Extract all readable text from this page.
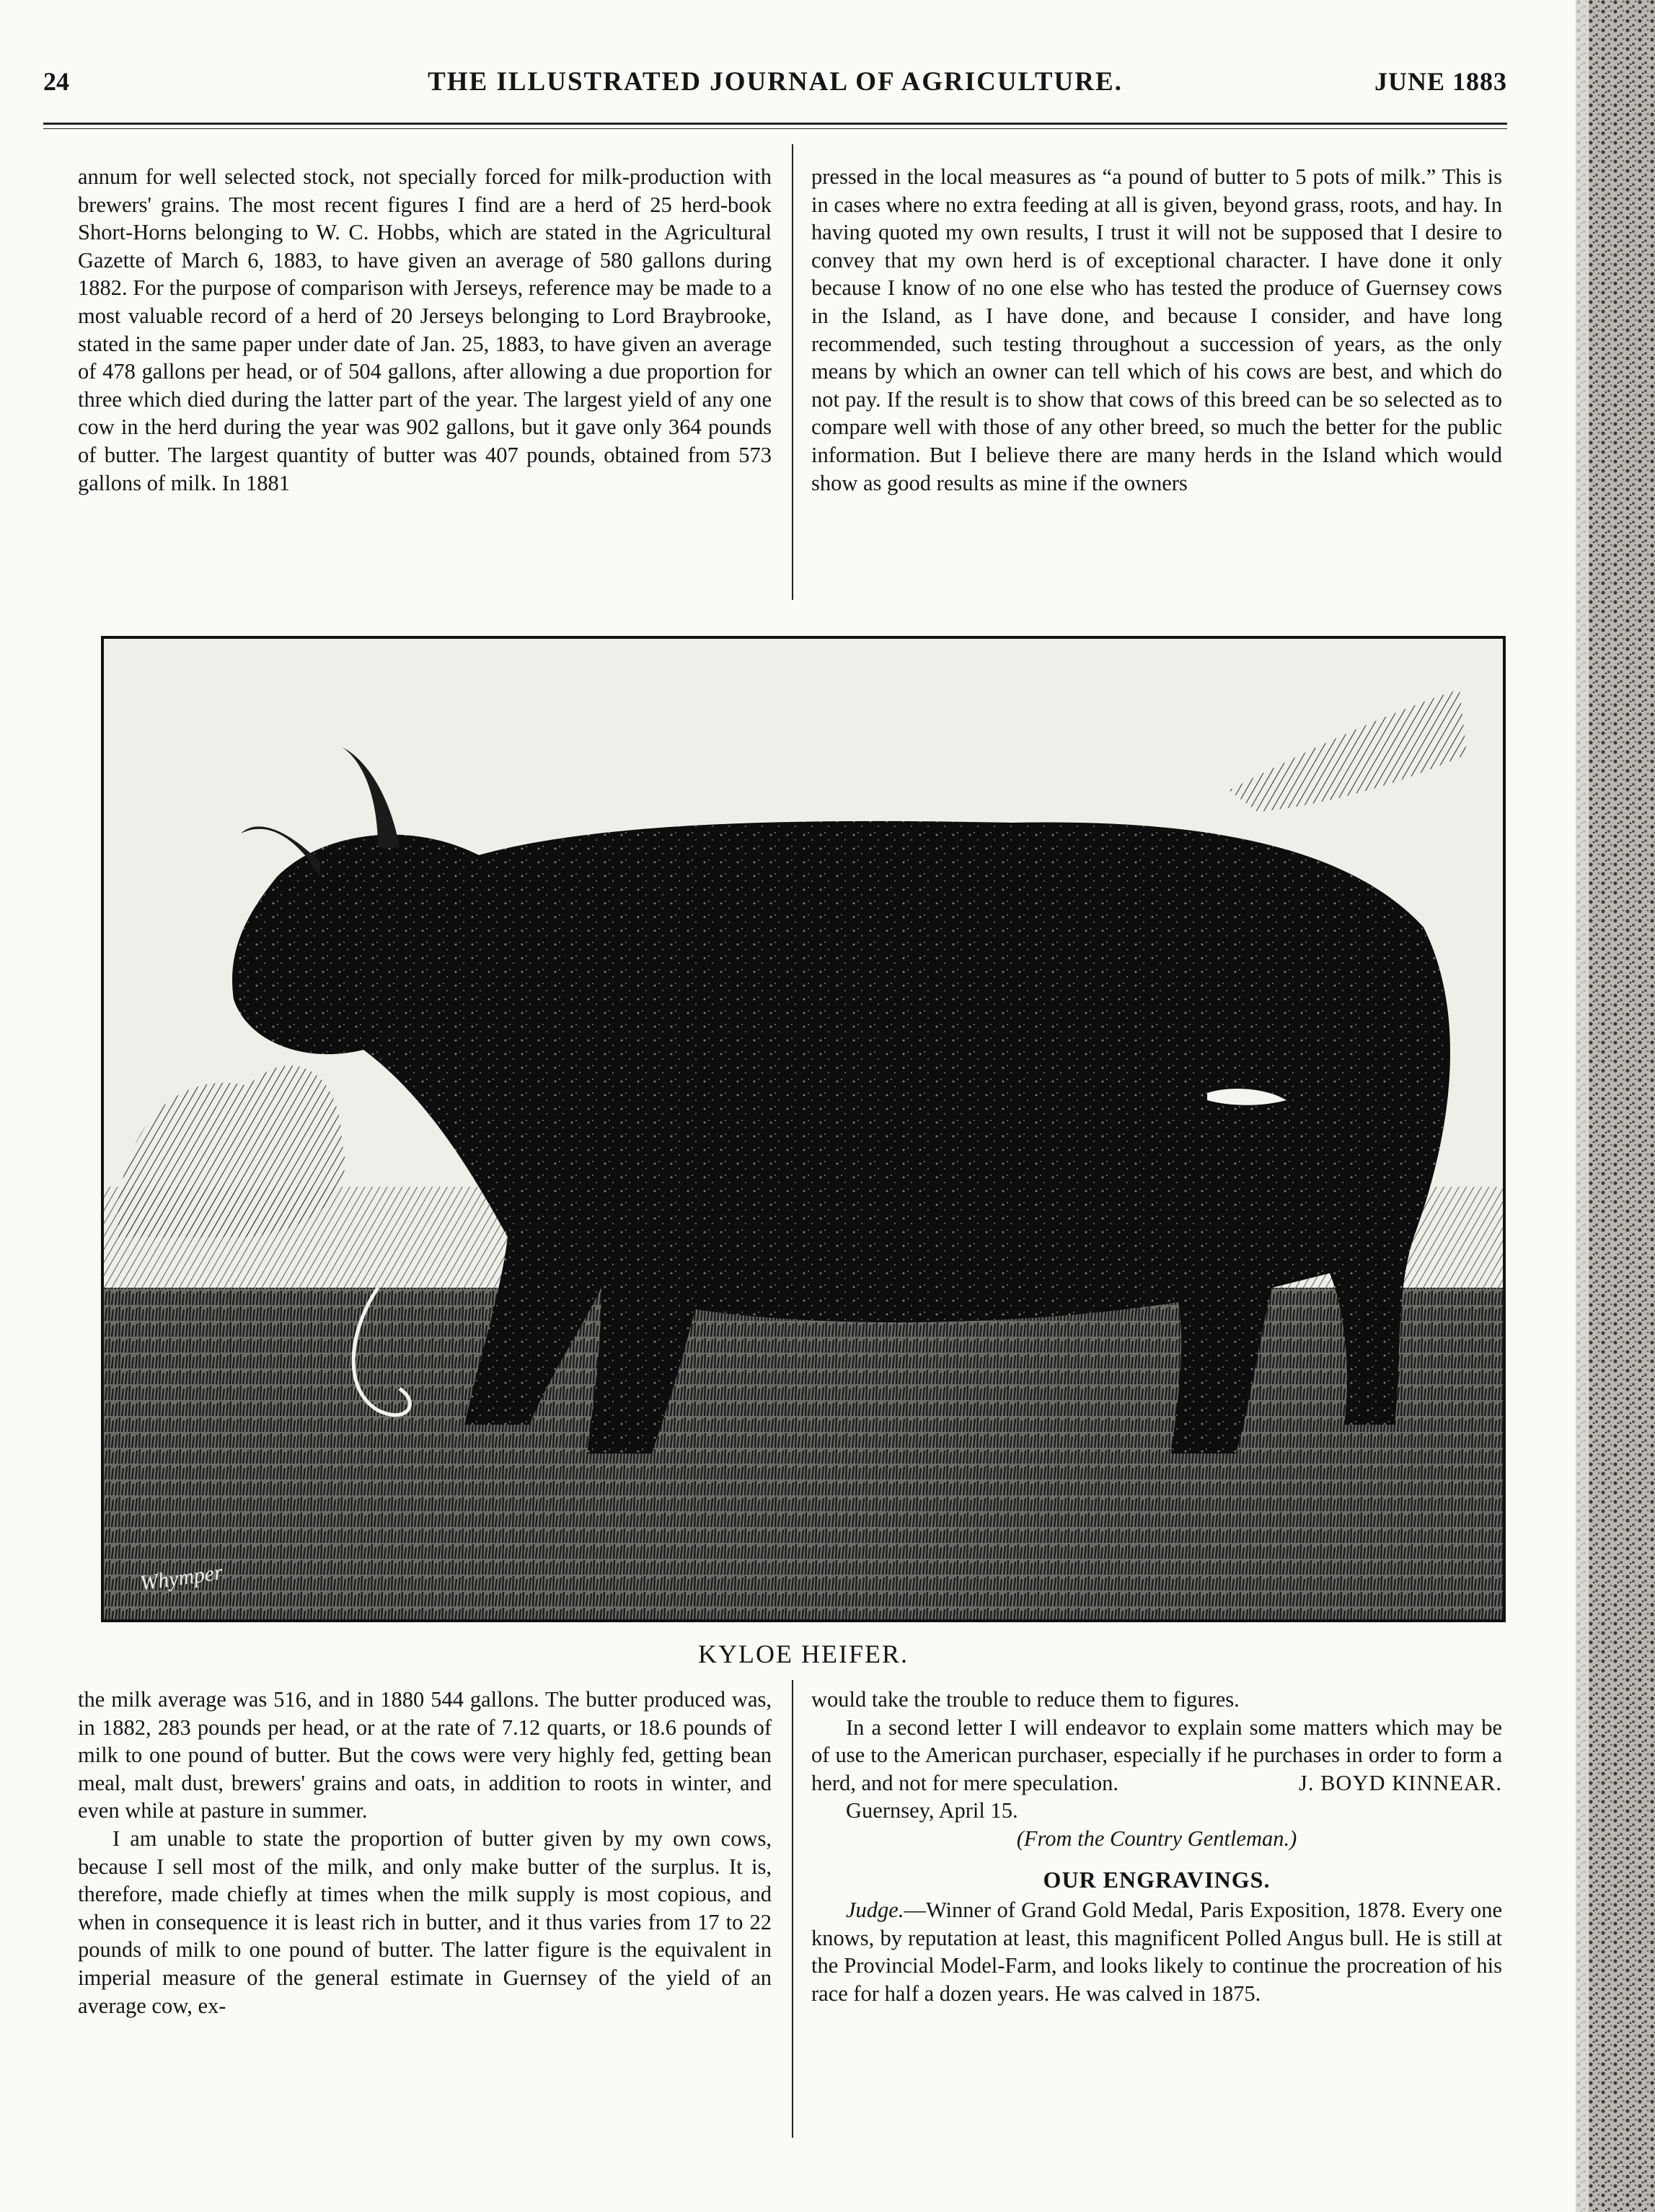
24	THE ILLUSTRATED JOURNAL OF AGRICULTURE.	JUNE 1883

annum for well selected stock, not specially forced for milk-production with brewers' grains. The most recent figures I find are a herd of 25 herd-book Short-Horns belonging to W. C. Hobbs, which are stated in the Agricultural Gazette of March 6, 1883, to have given an average of 580 gallons during 1882. For the purpose of comparison with Jerseys, reference may be made to a most valuable record of a herd of 20 Jerseys belonging to Lord Braybrooke, stated in the same paper under date of Jan. 25, 1883, to have given an average of 478 gallons per head, or of 504 gallons, after allowing a due proportion for three which died during the latter part of the year. The largest yield of any one cow in the herd during the year was 902 gallons, but it gave only 364 pounds of butter. The largest quantity of butter was 407 pounds, obtained from 573 gallons of milk. In 1881

pressed in the local measures as “a pound of butter to 5 pots of milk.” This is in cases where no extra feeding at all is given, beyond grass, roots, and hay. In having quoted my own results, I trust it will not be supposed that I desire to convey that my own herd is of exceptional character. I have done it only because I know of no one else who has tested the produce of Guernsey cows in the Island, as I have done, and because I consider, and have long recommended, such testing throughout a succession of years, as the only means by which an owner can tell which of his cows are best, and which do not pay. If the result is to show that cows of this breed can be so selected as to compare well with those of any other breed, so much the better for the public information. But I believe there are many herds in the Island which would show as good results as mine if the owners

Whymper
KYLOE HEIFER.

the milk average was 516, and in 1880 544 gallons. The butter produced was, in 1882, 283 pounds per head, or at the rate of 7.12 quarts, or 18.6 pounds of milk to one pound of butter. But the cows were very highly fed, getting bean meal, malt dust, brewers' grains and oats, in addition to roots in winter, and even while at pasture in summer.

I am unable to state the proportion of butter given by my own cows, because I sell most of the milk, and only make butter of the surplus. It is, therefore, made chiefly at times when the milk supply is most copious, and when in consequence it is least rich in butter, and it thus varies from 17 to 22 pounds of milk to one pound of butter. The latter figure is the equivalent in imperial measure of the general estimate in Guernsey of the yield of an average cow, ex-

would take the trouble to reduce them to figures.

In a second letter I will endeavor to explain some matters which may be of use to the American purchaser, especially if he purchases in order to form a herd, and not for mere speculation.	J. BOYD KINNEAR.

Guernsey, April 15.

(From the Country Gentleman.)

OUR ENGRAVINGS.

Judge.—Winner of Grand Gold Medal, Paris Exposition, 1878. Every one knows, by reputation at least, this magnificent Polled Angus bull. He is still at the Provincial Model-Farm, and looks likely to continue the procreation of his race for half a dozen years. He was calved in 1875.
